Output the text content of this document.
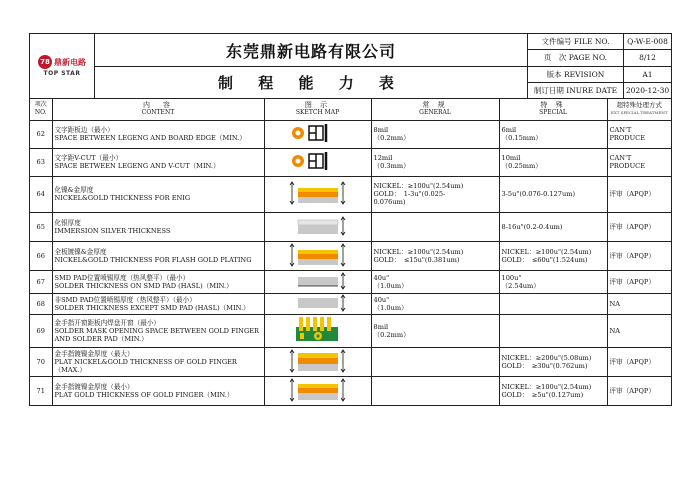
78 鼎新电路
TOP STAR
东莞鼎新电路有限公司
制 程 能 力 表
文件编号 FILE NO.	Q-W-E-008
页　次 PAGE NO.	8/12
版本 REVISION	A1
制订日期 INURE DATE	2020-12-30
项次
NO.	内　容
CONTENT	图 示
SKETCH MAP	常 规
GENERAL	特 殊
SPECIAL	超特殊处理方式
EXT SPECIAL TREATMENT

62	文字距板边（最小）
SPACE BETWEEN LEGENG AND BOARD EDGE（MIN.）		8mil
（0.2mm）	6mil
（0.15mm）	CAN'T
PRODUCE

63	文字距V-CUT（最小）
SPACE BETWEEN LEGENG AND V-CUT（MIN.）		12mil
（0.3mm）	10mil
（0.25mm）	CAN'T
PRODUCE

64	化镍&金厚度
NICKEL&GOLD THICKNESS FOR ENIG		NICKEL：≥100u"(2.54um)
GOLD：　1-3u"(0.025-
0.076um)	3-5u"(0.076-0.127um)	评审（APQP）

65	化银厚度
IMMERSION SILVER THICKNESS			8-16u"(0.2-0.4um)	评审（APQP）

66	全板镀镍&金厚度
NICKEL&GOLD THICKNESS FOR FLASH GOLD PLATING		NICKEL：≥100u"(2.54um)
GOLD：　≤15u"(0.381um)	NICKEL：≥100u"(2.54um)
GOLD：　≤60u"(1.524um)	评审（APQP）

67	SMD PAD位置喷锡厚度（热风整平）（最小）
SOLDER THICKNESS ON SMD PAD (HASL)（MIN.）		40u"
（1.0um）	100u"
（2.54um）	评审（APQP）

68	非SMD PAD位置喷锡厚度（热风整平）（最小）
SOLDER THICKNESS EXCEPT SMD PAD (HASL)（MIN.）		40u"
（1.0um）		NA

69	金手指开窗距板内焊盘开窗（最小）
SOLDER MASK OPENING SPACE BETWEEN GOLD FINGER AND SOLDER PAD（MIN.）		8mil
（0.2mm）		NA

70	金手指镀镍金厚度（最大）
PLAT NICKEL&GOLD THICKNESS OF GOLD FINGER（MAX.）			NICKEL：≥200u"(5.08um)
GOLD：　≥30u"(0.762um)	评审（APQP）

71	金手指镀镍金厚度（最小）
PLAT GOLD THICKNESS OF GOLD FINGER（MIN.）			NICKEL：≥100u"(2.54um)
GOLD：　≥5u"(0.127um)	评审（APQP）
